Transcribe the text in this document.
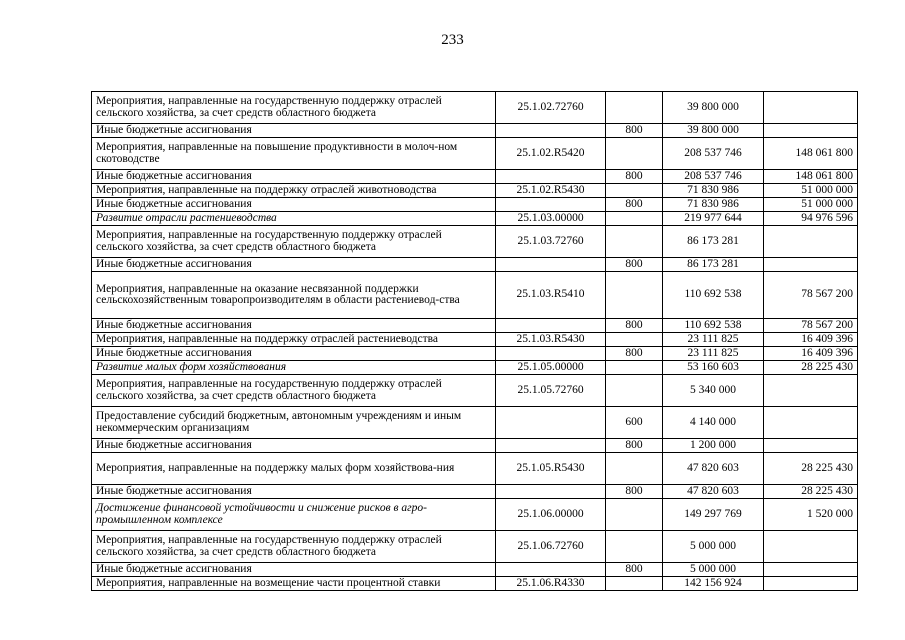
233
Мероприятия, направленные на государственную поддержку отраслей сельского хозяйства, за счет средств областного бюджета	25.1.02.72760		39 800 000	
Иные бюджетные ассигнования		800	39 800 000	
Мероприятия, направленные на повышение продуктивности в молоч-ном скотоводстве	25.1.02.R5420		208 537 746	148 061 800
Иные бюджетные ассигнования		800	208 537 746	148 061 800
Мероприятия, направленные на поддержку отраслей животноводства	25.1.02.R5430		71 830 986	51 000 000
Иные бюджетные ассигнования		800	71 830 986	51 000 000
Развитие отрасли растениеводства	25.1.03.00000		219 977 644	94 976 596
Мероприятия, направленные на государственную поддержку отраслей сельского хозяйства, за счет средств областного бюджета	25.1.03.72760		86 173 281	
Иные бюджетные ассигнования		800	86 173 281	
Мероприятия, направленные на оказание несвязанной поддержки сельскохозяйственным товаропроизводителям в области растениевод-ства	25.1.03.R5410		110 692 538	78 567 200
Иные бюджетные ассигнования		800	110 692 538	78 567 200
Мероприятия, направленные на поддержку отраслей растениеводства	25.1.03.R5430		23 111 825	16 409 396
Иные бюджетные ассигнования		800	23 111 825	16 409 396
Развитие малых форм хозяйствования	25.1.05.00000		53 160 603	28 225 430
Мероприятия, направленные на государственную поддержку отраслей сельского хозяйства, за счет средств областного бюджета	25.1.05.72760		5 340 000	
Предоставление субсидий бюджетным, автономным учреждениям и иным некоммерческим организациям		600	4 140 000	
Иные бюджетные ассигнования		800	1 200 000	
Мероприятия, направленные на поддержку малых форм хозяйствова-ния	25.1.05.R5430		47 820 603	28 225 430
Иные бюджетные ассигнования		800	47 820 603	28 225 430
Достижение финансовой устойчивости и снижение рисков в агро-промышленном комплексе	25.1.06.00000		149 297 769	1 520 000
Мероприятия, направленные на государственную поддержку отраслей сельского хозяйства, за счет средств областного бюджета	25.1.06.72760		5 000 000	
Иные бюджетные ассигнования		800	5 000 000	
Мероприятия, направленные на возмещение части процентной ставки	25.1.06.R4330		142 156 924	
